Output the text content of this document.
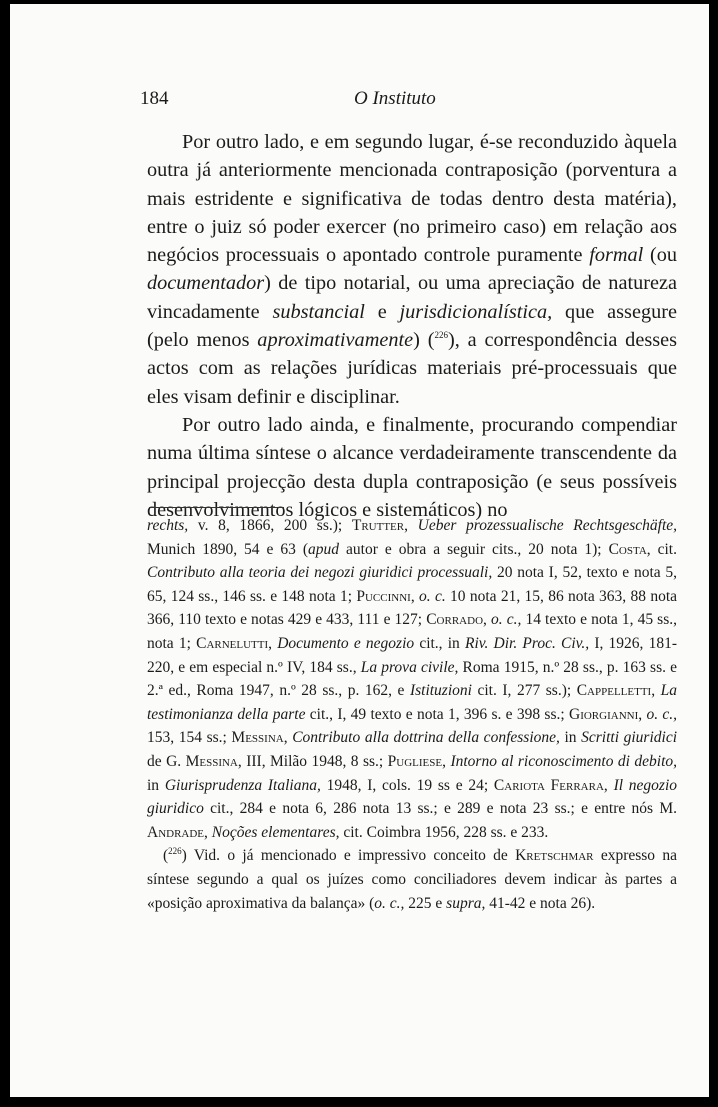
184	O Instituto

Por outro lado, e em segundo lugar, é-se reconduzido àquela outra já anteriormente mencionada contraposição (porventura a mais estridente e significativa de todas dentro desta matéria), entre o juiz só poder exercer (no primeiro caso) em relação aos negócios processuais o apontado controle puramente formal (ou documentador) de tipo notarial, ou uma apreciação de natureza vincadamente substancial e jurisdicionalística, que assegure (pelo menos aproximativamente) ($^{226}$), a correspondência desses actos com as relações jurídicas materiais pré-processuais que eles visam definir e disciplinar.

Por outro lado ainda, e finalmente, procurando compendiar numa última síntese o alcance verdadeiramente transcendente da principal projecção desta dupla contraposição (e seus possíveis desenvolvimentos lógicos e sistemáticos) no

rechts, v. 8, 1866, 200 ss.); Trutter, Ueber prozessualische Rechtsgeschäfte, Munich 1890, 54 e 63 (apud autor e obra a seguir cits., 20 nota 1); Costa, cit. Contributo alla teoria dei negozi giuridici processuali, 20 nota I, 52, texto e nota 5, 65, 124 ss., 146 ss. e 148 nota 1; Puccinni, o. c. 10 nota 21, 15, 86 nota 363, 88 nota 366, 110 texto e notas 429 e 433, 111 e 127; Corrado, o. c., 14 texto e nota 1, 45 ss., nota 1; Carnelutti, Documento e negozio cit., in Riv. Dir. Proc. Civ., I, 1926, 181-220, e em especial n.º IV, 184 ss., La prova civile, Roma 1915, n.º 28 ss., p. 163 ss. e 2.ª ed., Roma 1947, n.º 28 ss., p. 162, e Istituzioni cit. I, 277 ss.); Cappelletti, La testimonianza della parte cit., I, 49 texto e nota 1, 396 s. e 398 ss.; Giorgianni, o. c., 153, 154 ss.; Messina, Contributo alla dottrina della confessione, in Scritti giuridici de G. Messina, III, Milão 1948, 8 ss.; Pugliese, Intorno al riconoscimento di debito, in Giurisprudenza Italiana, 1948, I, cols. 19 ss e 24; Cariota Ferrara, Il negozio giuridico cit., 284 e nota 6, 286 nota 13 ss.; e 289 e nota 23 ss.; e entre nós M. Andrade, Noções elementares, cit. Coimbra 1956, 228 ss. e 233.

($^{226}$) Vid. o já mencionado e impressivo conceito de Kretschmar expresso na síntese segundo a qual os juízes como conciliadores devem indicar às partes a «posição aproximativa da balança» (o. c., 225 e supra, 41-42 e nota 26).
